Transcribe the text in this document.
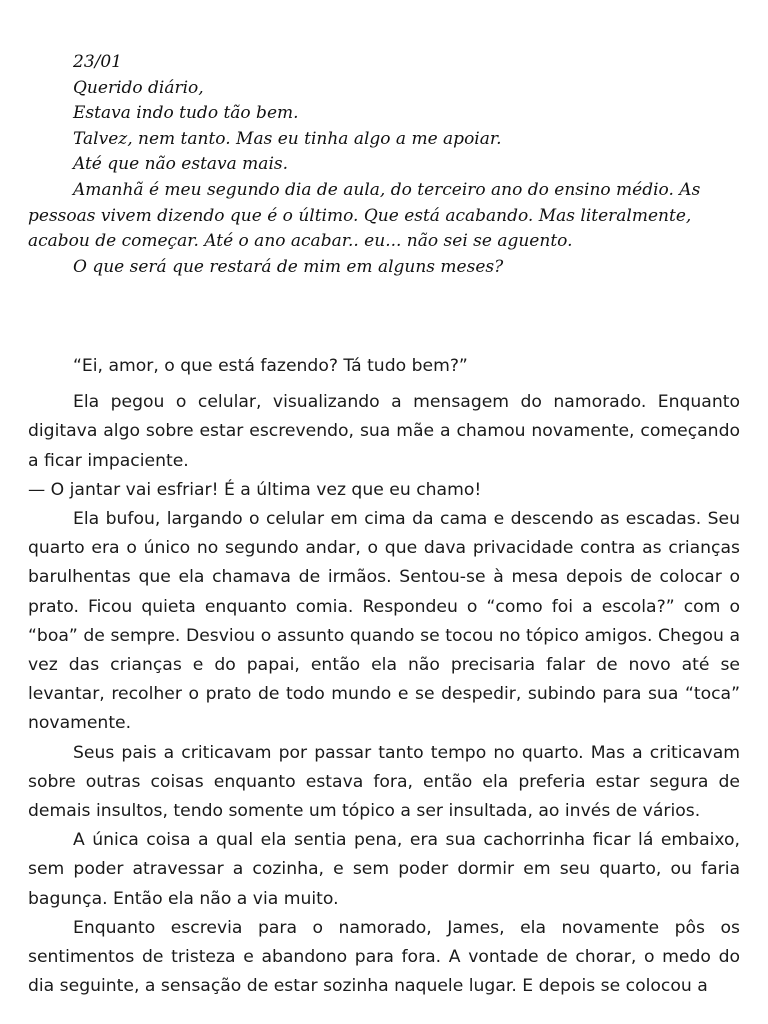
23/01

Querido diário,

Estava indo tudo tão bem.

Talvez, nem tanto. Mas eu tinha algo a me apoiar.

Até que não estava mais.

Amanhã é meu segundo dia de aula, do terceiro ano do ensino médio. As pessoas vivem dizendo que é o último. Que está acabando. Mas literalmente, acabou de começar. Até o ano acabar.. eu... não sei se aguento.

O que será que restará de mim em alguns meses?

“Ei, amor, o que está fazendo? Tá tudo bem?”

Ela pegou o celular, visualizando a mensagem do namorado. Enquanto digitava algo sobre estar escrevendo, sua mãe a chamou novamente, começando a ficar impaciente.

— O jantar vai esfriar! É a última vez que eu chamo!

Ela bufou, largando o celular em cima da cama e descendo as escadas. Seu quarto era o único no segundo andar, o que dava privacidade contra as crianças barulhentas que ela chamava de irmãos. Sentou-se à mesa depois de colocar o prato. Ficou quieta enquanto comia. Respondeu o “como foi a escola?” com o “boa” de sempre. Desviou o assunto quando se tocou no tópico amigos. Chegou a vez das crianças e do papai, então ela não precisaria falar de novo até se levantar, recolher o prato de todo mundo e se despedir, subindo para sua “toca” novamente.

Seus pais a criticavam por passar tanto tempo no quarto. Mas a criticavam sobre outras coisas enquanto estava fora, então ela preferia estar segura de demais insultos, tendo somente um tópico a ser insultada, ao invés de vários.

A única coisa a qual ela sentia pena, era sua cachorrinha ficar lá embaixo, sem poder atravessar a cozinha, e sem poder dormir em seu quarto, ou faria bagunça. Então ela não a via muito.

Enquanto escrevia para o namorado, James, ela novamente pôs os sentimentos de tristeza e abandono para fora. A vontade de chorar, o medo do dia seguinte, a sensação de estar sozinha naquele lugar. E depois se colocou a
